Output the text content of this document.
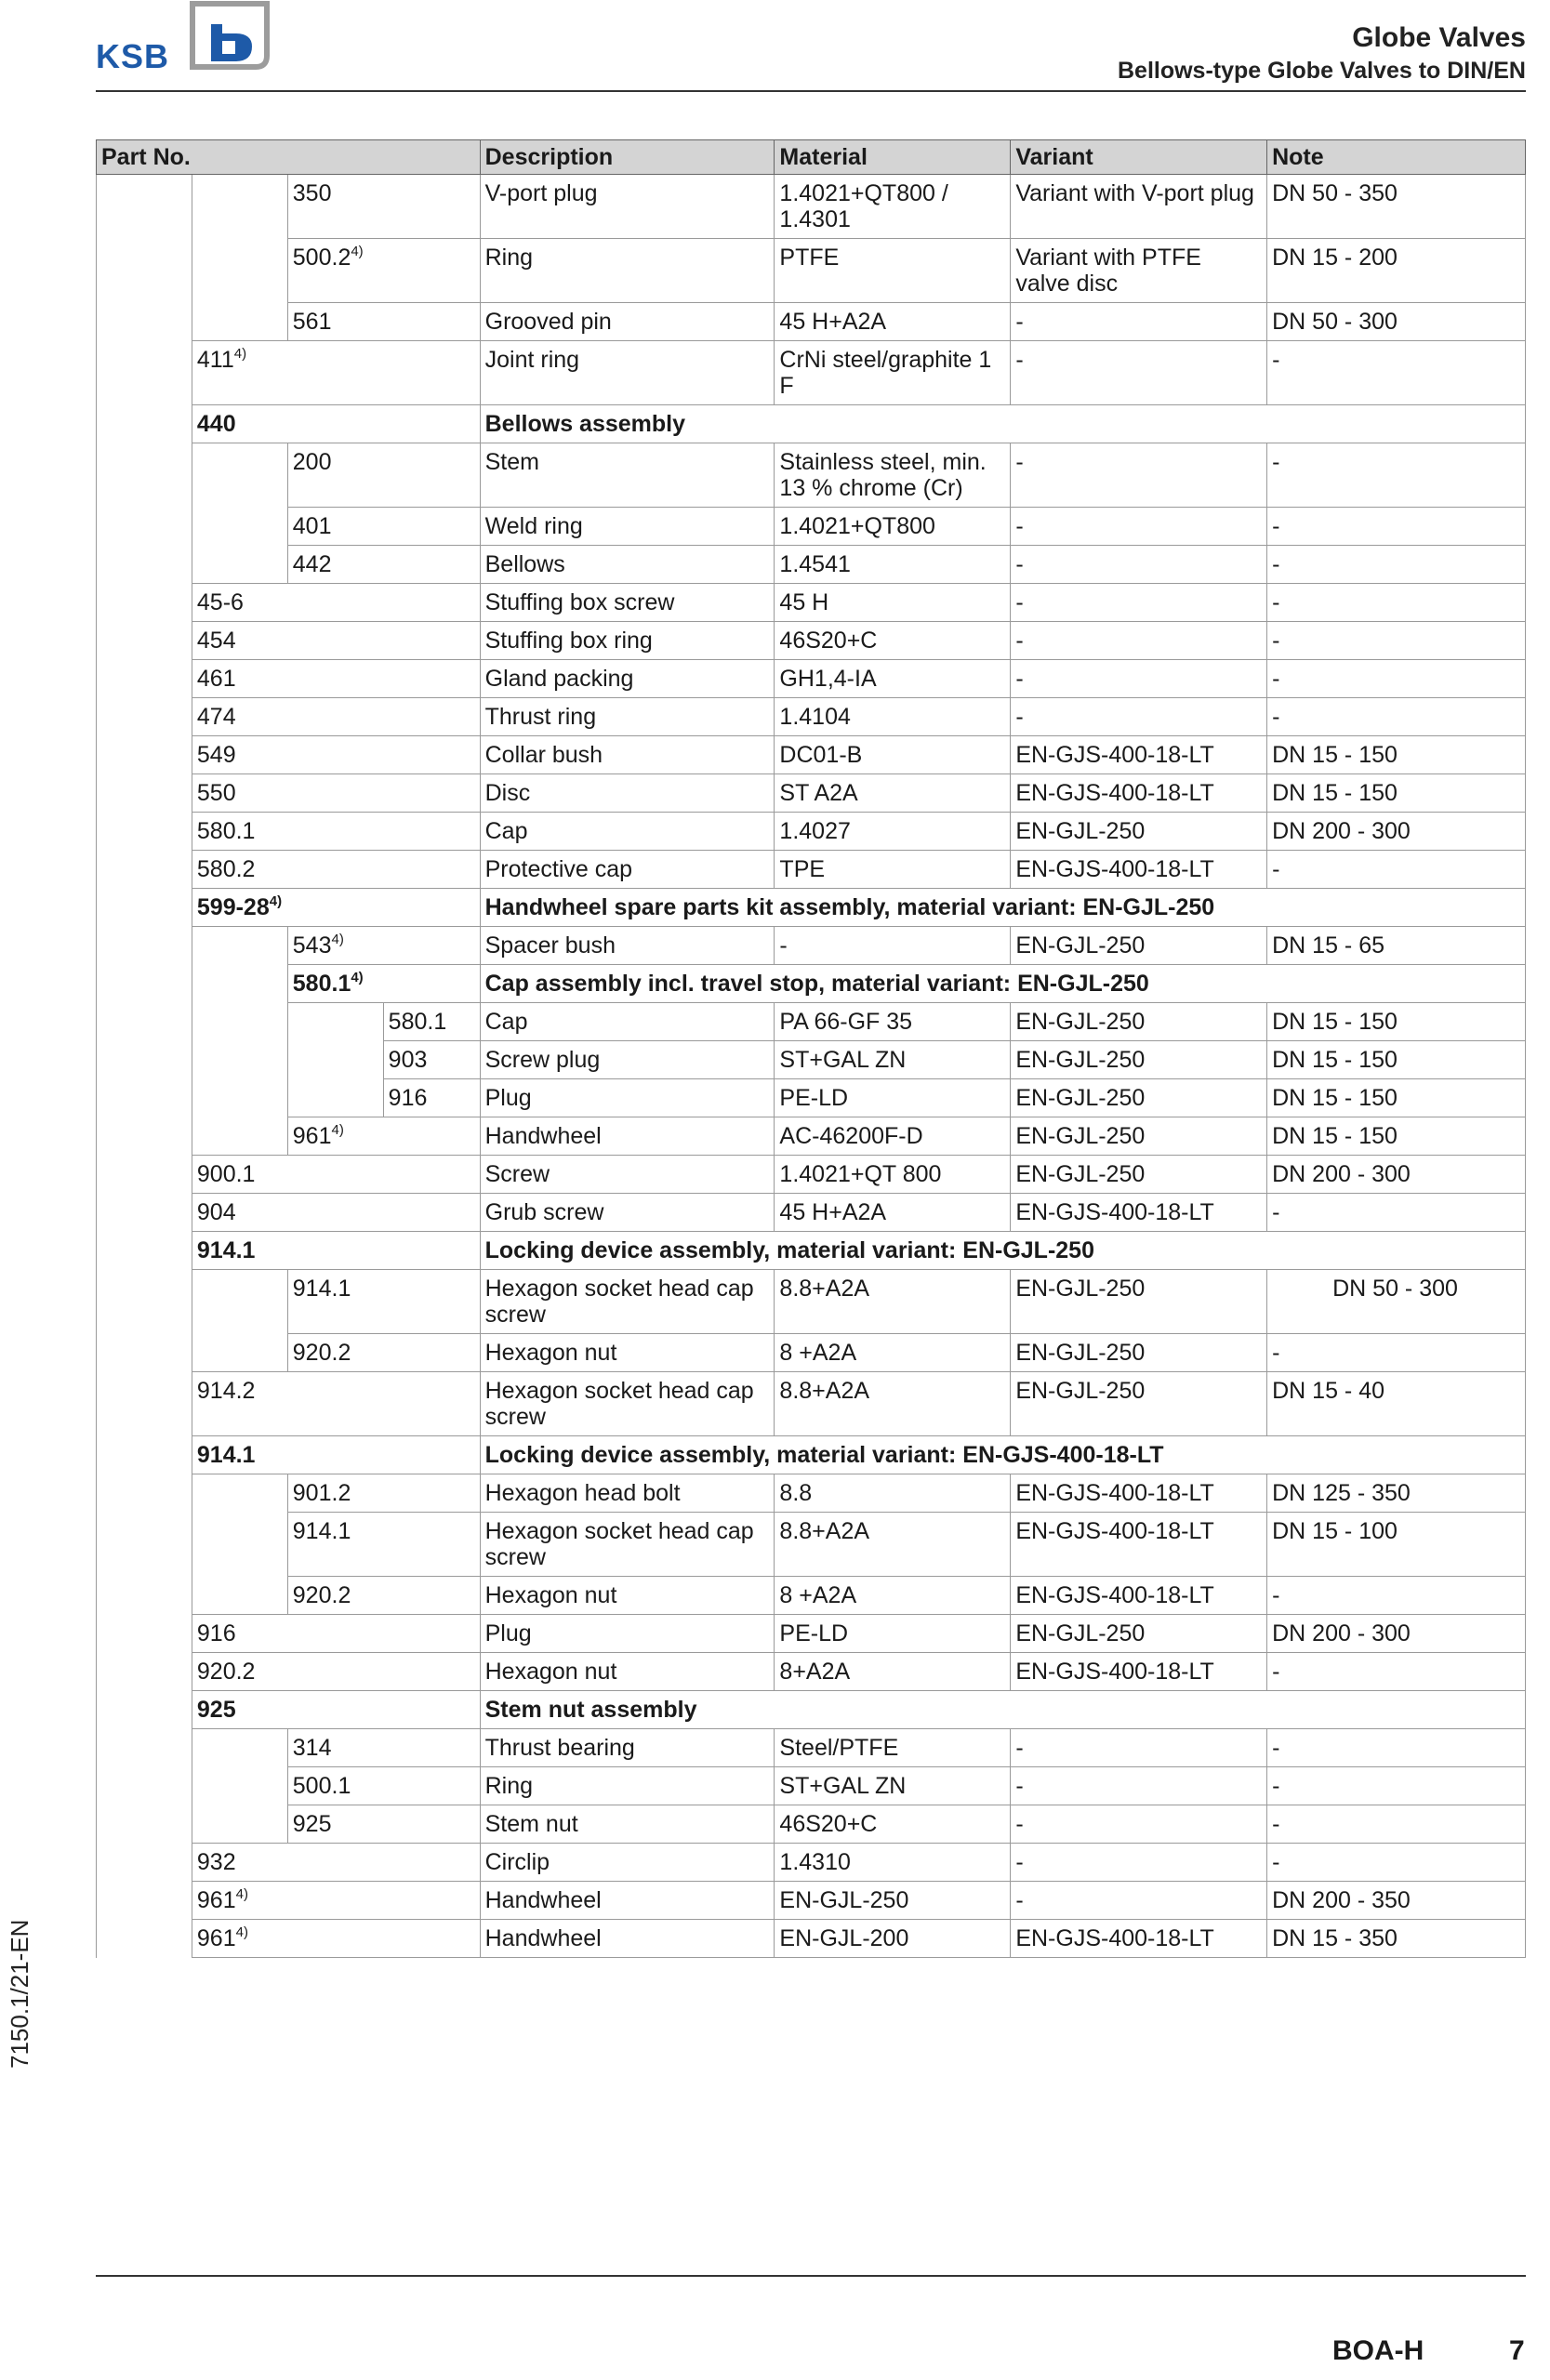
KSB	Globe Valves
Bellows-type Globe Valves to DIN/EN
Part No.				Description	Material	Variant	Note
		350		V-port plug	1.4021+QT800 / 1.4301	Variant with V-port plug	DN 50 - 350
		500.2$^{4)}$		Ring	PTFE	Variant with PTFE valve disc	DN 15 - 200
		561		Grooved pin	45 H+A2A	-	DN 50 - 300
	411$^{4)}$			Joint ring	CrNi steel/graphite 1 F	-	-
	440			Bellows assembly			
		200		Stem	Stainless steel, min. 13 % chrome (Cr)	-	-
		401		Weld ring	1.4021+QT800	-	-
		442		Bellows	1.4541	-	-
	45-6			Stuffing box screw	45 H	-	-
	454			Stuffing box ring	46S20+C	-	-
	461			Gland packing	GH1,4-IA	-	-
	474			Thrust ring	1.4104	-	-
	549			Collar bush	DC01-B	EN-GJS-400-18-LT	DN 15 - 150
	550			Disc	ST A2A	EN-GJS-400-18-LT	DN 15 - 150
	580.1			Cap	1.4027	EN-GJL-250	DN 200 - 300
	580.2			Protective cap	TPE	EN-GJS-400-18-LT	-
	599-28$^{4)}$			Handwheel spare parts kit assembly, material variant: EN-GJL-250			
		543$^{4)}$		Spacer bush	-	EN-GJL-250	DN 15 - 65
		580.1$^{4)}$		Cap assembly incl. travel stop, material variant: EN-GJL-250			
			580.1	Cap	PA 66-GF 35	EN-GJL-250	DN 15 - 150
			903	Screw plug	ST+GAL ZN	EN-GJL-250	DN 15 - 150
			916	Plug	PE-LD	EN-GJL-250	DN 15 - 150
		961$^{4)}$		Handwheel	AC-46200F-D	EN-GJL-250	DN 15 - 150
	900.1			Screw	1.4021+QT 800	EN-GJL-250	DN 200 - 300
	904			Grub screw	45 H+A2A	EN-GJS-400-18-LT	-
	914.1			Locking device assembly, material variant: EN-GJL-250			
		914.1		Hexagon socket head cap screw	8.8+A2A	EN-GJL-250	DN 50 - 300
		920.2		Hexagon nut	8 +A2A	EN-GJL-250	-
	914.2			Hexagon socket head cap screw	8.8+A2A	EN-GJL-250	DN 15 - 40
	914.1			Locking device assembly, material variant: EN-GJS-400-18-LT			
		901.2		Hexagon head bolt	8.8	EN-GJS-400-18-LT	DN 125 - 350
		914.1		Hexagon socket head cap screw	8.8+A2A	EN-GJS-400-18-LT	DN 15 - 100
		920.2		Hexagon nut	8 +A2A	EN-GJS-400-18-LT	-
	916			Plug	PE-LD	EN-GJL-250	DN 200 - 300
	920.2			Hexagon nut	8+A2A	EN-GJS-400-18-LT	-
	925			Stem nut assembly			
		314		Thrust bearing	Steel/PTFE	-	-
		500.1		Ring	ST+GAL ZN	-	-
		925		Stem nut	46S20+C	-	-
	932			Circlip	1.4310	-	-
	961$^{4)}$			Handwheel	EN-GJL-250	-	DN 200 - 350
	961$^{4)}$			Handwheel	EN-GJL-200	EN-GJS-400-18-LT	DN 15 - 350
7150.1/21-EN
BOA-H	7
